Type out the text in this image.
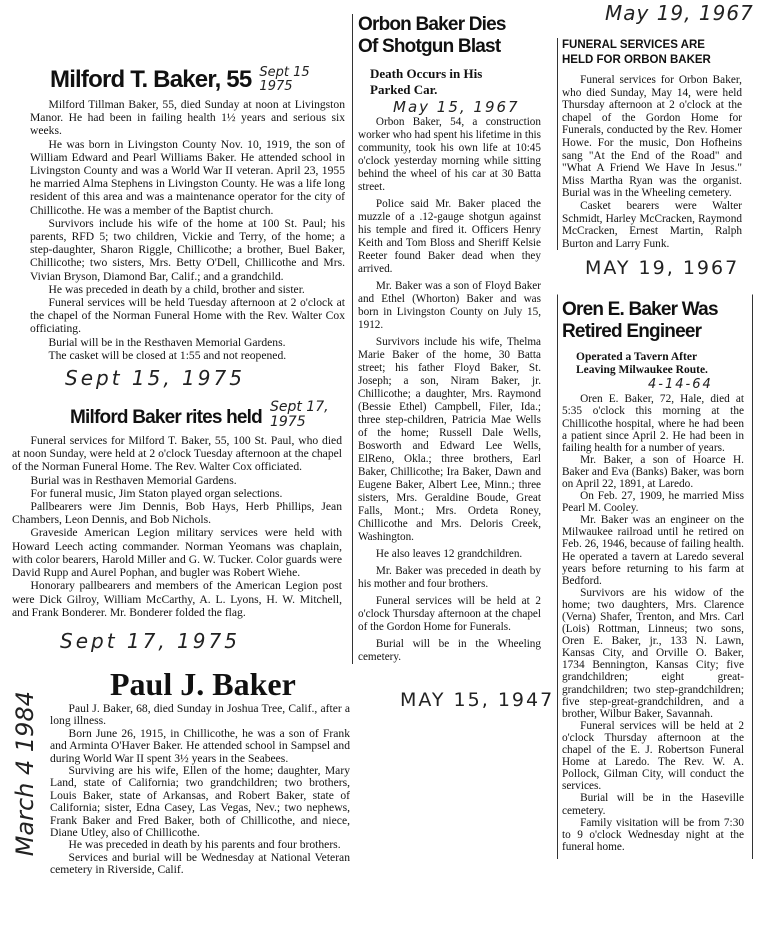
Milford T. Baker, 55 Sept 15 1975

Milford Tillman Baker, 55, died Sunday at noon at Livingston Manor. He had been in failing health 1½ years and serious six weeks.

He was born in Livingston County Nov. 10, 1919, the son of William Edward and Pearl Williams Baker. He attended school in Livingston County and was a World War II veteran. April 23, 1955 he married Alma Stephens in Livingston County. He was a life long resident of this area and was a maintenance operator for the city of Chillicothe. He was a member of the Baptist church.

Survivors include his wife of the home at 100 St. Paul; his parents, RFD 5; two children, Vickie and Terry, of the home; a step-daughter, Sharon Riggle, Chillicothe; a brother, Buel Baker, Chillicothe; two sisters, Mrs. Betty O'Dell, Chillicothe and Mrs. Vivian Bryson, Diamond Bar, Calif.; and a grandchild.

He was preceded in death by a child, brother and sister.

Funeral services will be held Tuesday afternoon at 2 o'clock at the chapel of the Norman Funeral Home with the Rev. Walter Cox officiating.

Burial will be in the Resthaven Memorial Gardens.

The casket will be closed at 1:55 and not reopened.

Sept 15, 1975
Milford Baker rites held Sept 17, 1975

Funeral services for Milford T. Baker, 55, 100 St. Paul, who died at noon Sunday, were held at 2 o'clock Tuesday afternoon at the chapel of the Norman Funeral Home. The Rev. Walter Cox officiated.

Burial was in Resthaven Memorial Gardens.

For funeral music, Jim Staton played organ selections.

Pallbearers were Jim Dennis, Bob Hays, Herb Phillips, Jean Chambers, Leon Dennis, and Bob Nichols.

Graveside American Legion military services were held with Howard Leech acting commander. Norman Yeomans was chaplain, with color bearers, Harold Miller and G. W. Tucker. Color guards were David Rupp and Aurel Pophan, and bugler was Robert Wiehe.

Honorary pallbearers and members of the American Legion post were Dick Gilroy, William McCarthy, A. L. Lyons, H. W. Mitchell, and Frank Bonderer. Mr. Bonderer folded the flag.

Sept 17, 1975
March 4 1984
Paul J. Baker

Paul J. Baker, 68, died Sunday in Joshua Tree, Calif., after a long illness.

Born June 26, 1915, in Chillicothe, he was a son of Frank and Arminta O'Haver Baker. He attended school in Sampsel and during World War II spent 3½ years in the Seabees.

Surviving are his wife, Ellen of the home; daughter, Mary Land, state of California; two grandchildren; two brothers, Louis Baker, state of Arkansas, and Robert Baker, state of California; sister, Edna Casey, Las Vegas, Nev.; two nephews, Frank Baker and Fred Baker, both of Chillicothe, and niece, Diane Utley, also of Chillicothe.

He was preceded in death by his parents and four brothers.

Services and burial will be Wednesday at National Veteran cemetery in Riverside, Calif.

Orbon Baker Dies
Of Shotgun Blast
Death Occurs in His
Parked Car.
May 15, 1967

Orbon Baker, 54, a construction worker who had spent his lifetime in this community, took his own life at 10:45 o'clock yesterday morning while sitting behind the wheel of his car at 30 Batta street.

Police said Mr. Baker placed the muzzle of a .12-gauge shotgun against his temple and fired it. Officers Henry Keith and Tom Bloss and Sheriff Kelsie Reeter found Baker dead when they arrived.

Mr. Baker was a son of Floyd Baker and Ethel (Whorton) Baker and was born in Livingston County on July 15, 1912.

Survivors include his wife, Thelma Marie Baker of the home, 30 Batta street; his father Floyd Baker, St. Joseph; a son, Niram Baker, jr. Chillicothe; a daughter, Mrs. Raymond (Bessie Ethel) Campbell, Filer, Ida.; three step-children, Patricia Mae Wells of the home; Russell Dale Wells, Bosworth and Edward Lee Wells, ElReno, Okla.; three brothers, Earl Baker, Chillicothe; Ira Baker, Dawn and Eugene Baker, Albert Lee, Minn.; three sisters, Mrs. Geraldine Boude, Great Falls, Mont.; Mrs. Ordeta Roney, Chillicothe and Mrs. Deloris Creek, Washington.

He also leaves 12 grandchildren.

Mr. Baker was preceded in death by his mother and four brothers.

Funeral services will be held at 2 o'clock Thursday afternoon at the chapel of the Gordon Home for Funerals.

Burial will be in the Wheeling cemetery.

MAY 15, 1947
May 19, 1967
FUNERAL SERVICES ARE
HELD FOR ORBON BAKER

Funeral services for Orbon Baker, who died Sunday, May 14, were held Thursday afternoon at 2 o'clock at the chapel of the Gordon Home for Funerals, conducted by the Rev. Homer Howe. For the music, Don Hofheins sang "At the End of the Road" and "What A Friend We Have In Jesus." Miss Martha Ryan was the organist. Burial was in the Wheeling cemetery.

Casket bearers were Walter Schmidt, Harley McCracken, Raymond McCracken, Ernest Martin, Ralph Burton and Larry Funk.

MAY 19, 1967
Oren E. Baker Was
Retired Engineer
Operated a Tavern After
Leaving Milwaukee Route.
4-14-64

Oren E. Baker, 72, Hale, died at 5:35 o'clock this morning at the Chillicothe hospital, where he had been a patient since April 2. He had been in failing health for a number of years.

Mr. Baker, a son of Hoarce H. Baker and Eva (Banks) Baker, was born on April 22, 1891, at Laredo.

On Feb. 27, 1909, he married Miss Pearl M. Cooley.

Mr. Baker was an engineer on the Milwaukee railroad until he retired on Feb. 26, 1946, because of failing health. He operated a tavern at Laredo several years before returning to his farm at Bedford.

Survivors are his widow of the home; two daughters, Mrs. Clarence (Verna) Shafer, Trenton, and Mrs. Carl (Lois) Rottman, Linneus; two sons, Oren E. Baker, jr., 133 N. Lawn, Kansas City, and Orville O. Baker, 1734 Bennington, Kansas City; five grandchildren; eight great-grandchildren; two step-grandchildren; five step-great-grandchildren, and a brother, Wilbur Baker, Savannah.

Funeral services will be held at 2 o'clock Thursday afternoon at the chapel of the E. J. Robertson Funeral Home at Laredo. The Rev. W. A. Pollock, Gilman City, will conduct the services.

Burial will be in the Haseville cemetery.

Family visitation will be from 7:30 to 9 o'clock Wednesday night at the funeral home.
